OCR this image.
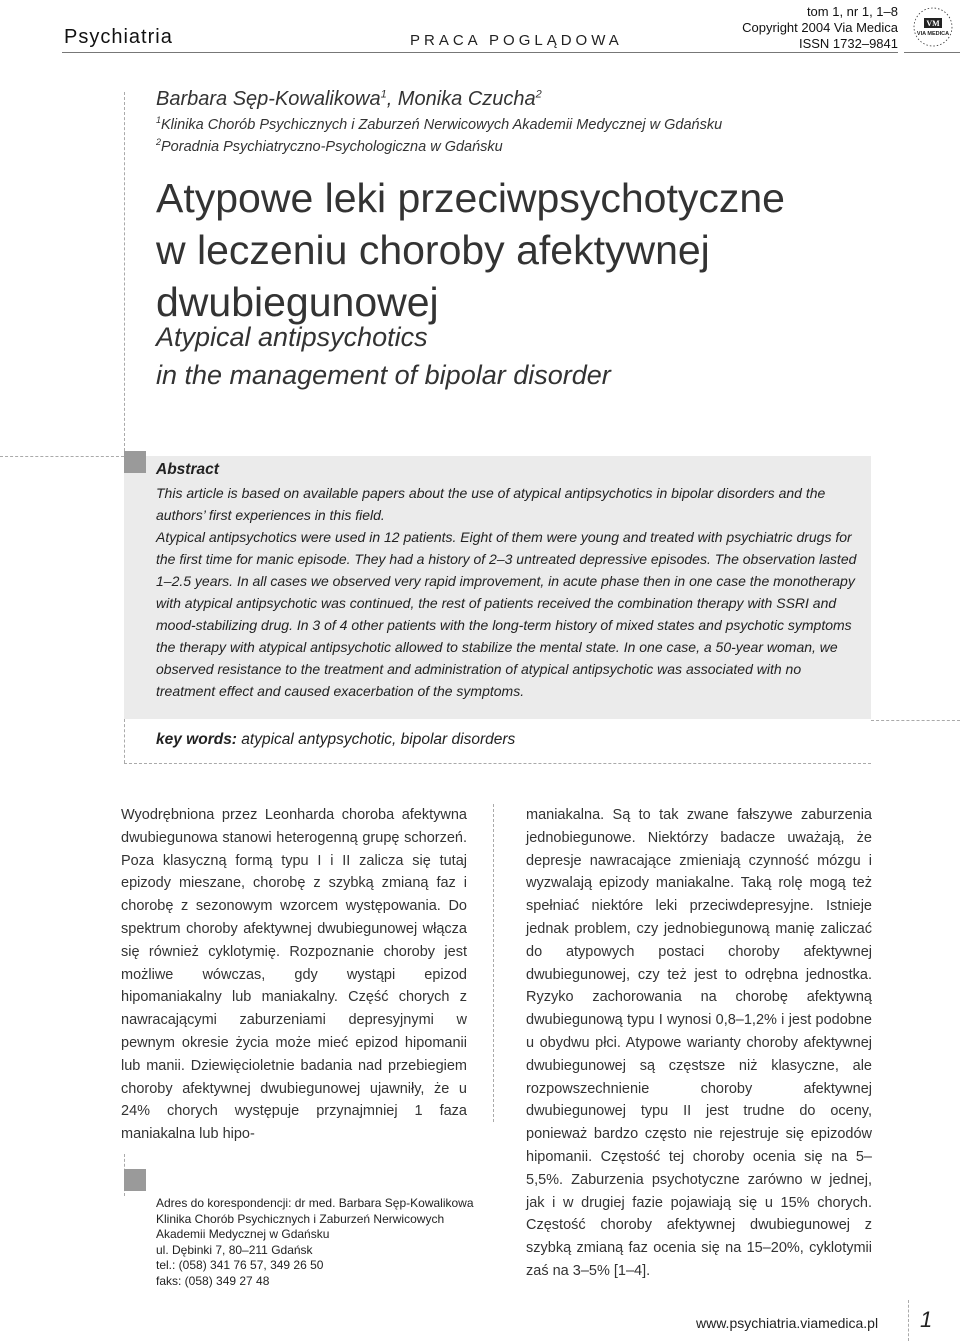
Psychiatria	PRACA POGLĄDOWA
tom 1, nr 1, 1–8
Copyright 2004 Via Medica
ISSN 1732–9841
VM
VIA MEDICA
Barbara Sęp-Kowalikowa$^1$, Monika Czucha$^2$
$^1$Klinika Chorób Psychicznych i Zaburzeń Nerwicowych Akademii Medycznej w Gdańsku
$^2$Poradnia Psychiatryczno-Psychologiczna w Gdańsku
Atypowe leki przeciwpsychotyczne
w leczeniu choroby afektywnej
dwubiegunowej
Atypical antipsychotics
in the management of bipolar disorder
Abstract

This article is based on available papers about the use of atypical antipsychotics in bipolar disorders and the authors’ first experiences in this field.

Atypical antipsychotics were used in 12 patients. Eight of them were young and treated with psychiatric drugs for the first time for manic episode. They had a history of 2–3 untreated depressive episodes. The observation lasted 1–2.5 years. In all cases we observed very rapid improvement, in acute phase then in one case the monotherapy with atypical antipsychotic was continued, the rest of patients received the combination therapy with SSRI and mood-stabilizing drug. In 3 of 4 other patients with the long-term history of mixed states and psychotic symptoms the therapy with atypical antipsychotic allowed to stabilize the mental state. In one case, a 50-year woman, we observed resistance to the treatment and administration of atypical antipsychotic was associated with no treatment effect and caused exacerbation of the symptoms.

key words: atypical antypsychotic, bipolar disorders
Wyodrębniona przez Leonharda choroba afektywna dwubiegunowa stanowi heterogenną grupę schorzeń. Poza klasyczną formą typu I i II zalicza się tutaj epizody mieszane, chorobę z szybką zmianą faz i chorobę z sezonowym wzorcem występowania. Do spektrum choroby afektywnej dwubiegunowej włącza się również cyklotymię. Rozpoznanie choroby jest możliwe wówczas, gdy wystąpi epizod hipomaniakalny lub maniakalny. Część chorych z nawracającymi zaburzeniami depresyjnymi w pewnym okresie życia może mieć epizod hipomanii lub manii. Dziewięcioletnie badania nad przebiegiem choroby afektywnej dwubiegunowej ujawniły, że u 24% chorych występuje przynajmniej 1 faza maniakalna lub hipo-
maniakalna. Są to tak zwane fałszywe zaburzenia jednobiegunowe. Niektórzy badacze uważają, że depresje nawracające zmieniają czynność mózgu i wyzwalają epizody maniakalne. Taką rolę mogą też spełniać niektóre leki przeciwdepresyjne. Istnieje jednak problem, czy jednobiegunową manię zaliczać do atypowych postaci choroby afektywnej dwubiegunowej, czy też jest to odrębna jednostka. Ryzyko zachorowania na chorobę afektywną dwubiegunową typu I wynosi 0,8–1,2% i jest podobne u obydwu płci. Atypowe warianty choroby afektywnej dwubiegunowej są częstsze niż klasyczne, ale rozpowszechnienie choroby afektywnej dwubiegunowej typu II jest trudne do oceny, ponieważ bardzo często nie rejestruje się epizodów hipomanii. Częstość tej choroby ocenia się na 5–5,5%. Zaburzenia psychotyczne zarówno w jednej, jak i w drugiej fazie pojawiają się u 15% chorych. Częstość choroby afektywnej dwubiegunowej z szybką zmianą faz ocenia się na 15–20%, cyklotymii zaś na 3–5% [1–4].
Adres do korespondencji: dr med. Barbara Sęp-Kowalikowa
Klinika Chorób Psychicznych i Zaburzeń Nerwicowych
Akademii Medycznej w Gdańsku
ul. Dębinki 7, 80–211 Gdańsk
tel.: (058) 341 76 57, 349 26 50
faks: (058) 349 27 48
www.psychiatria.viamedica.pl 1
